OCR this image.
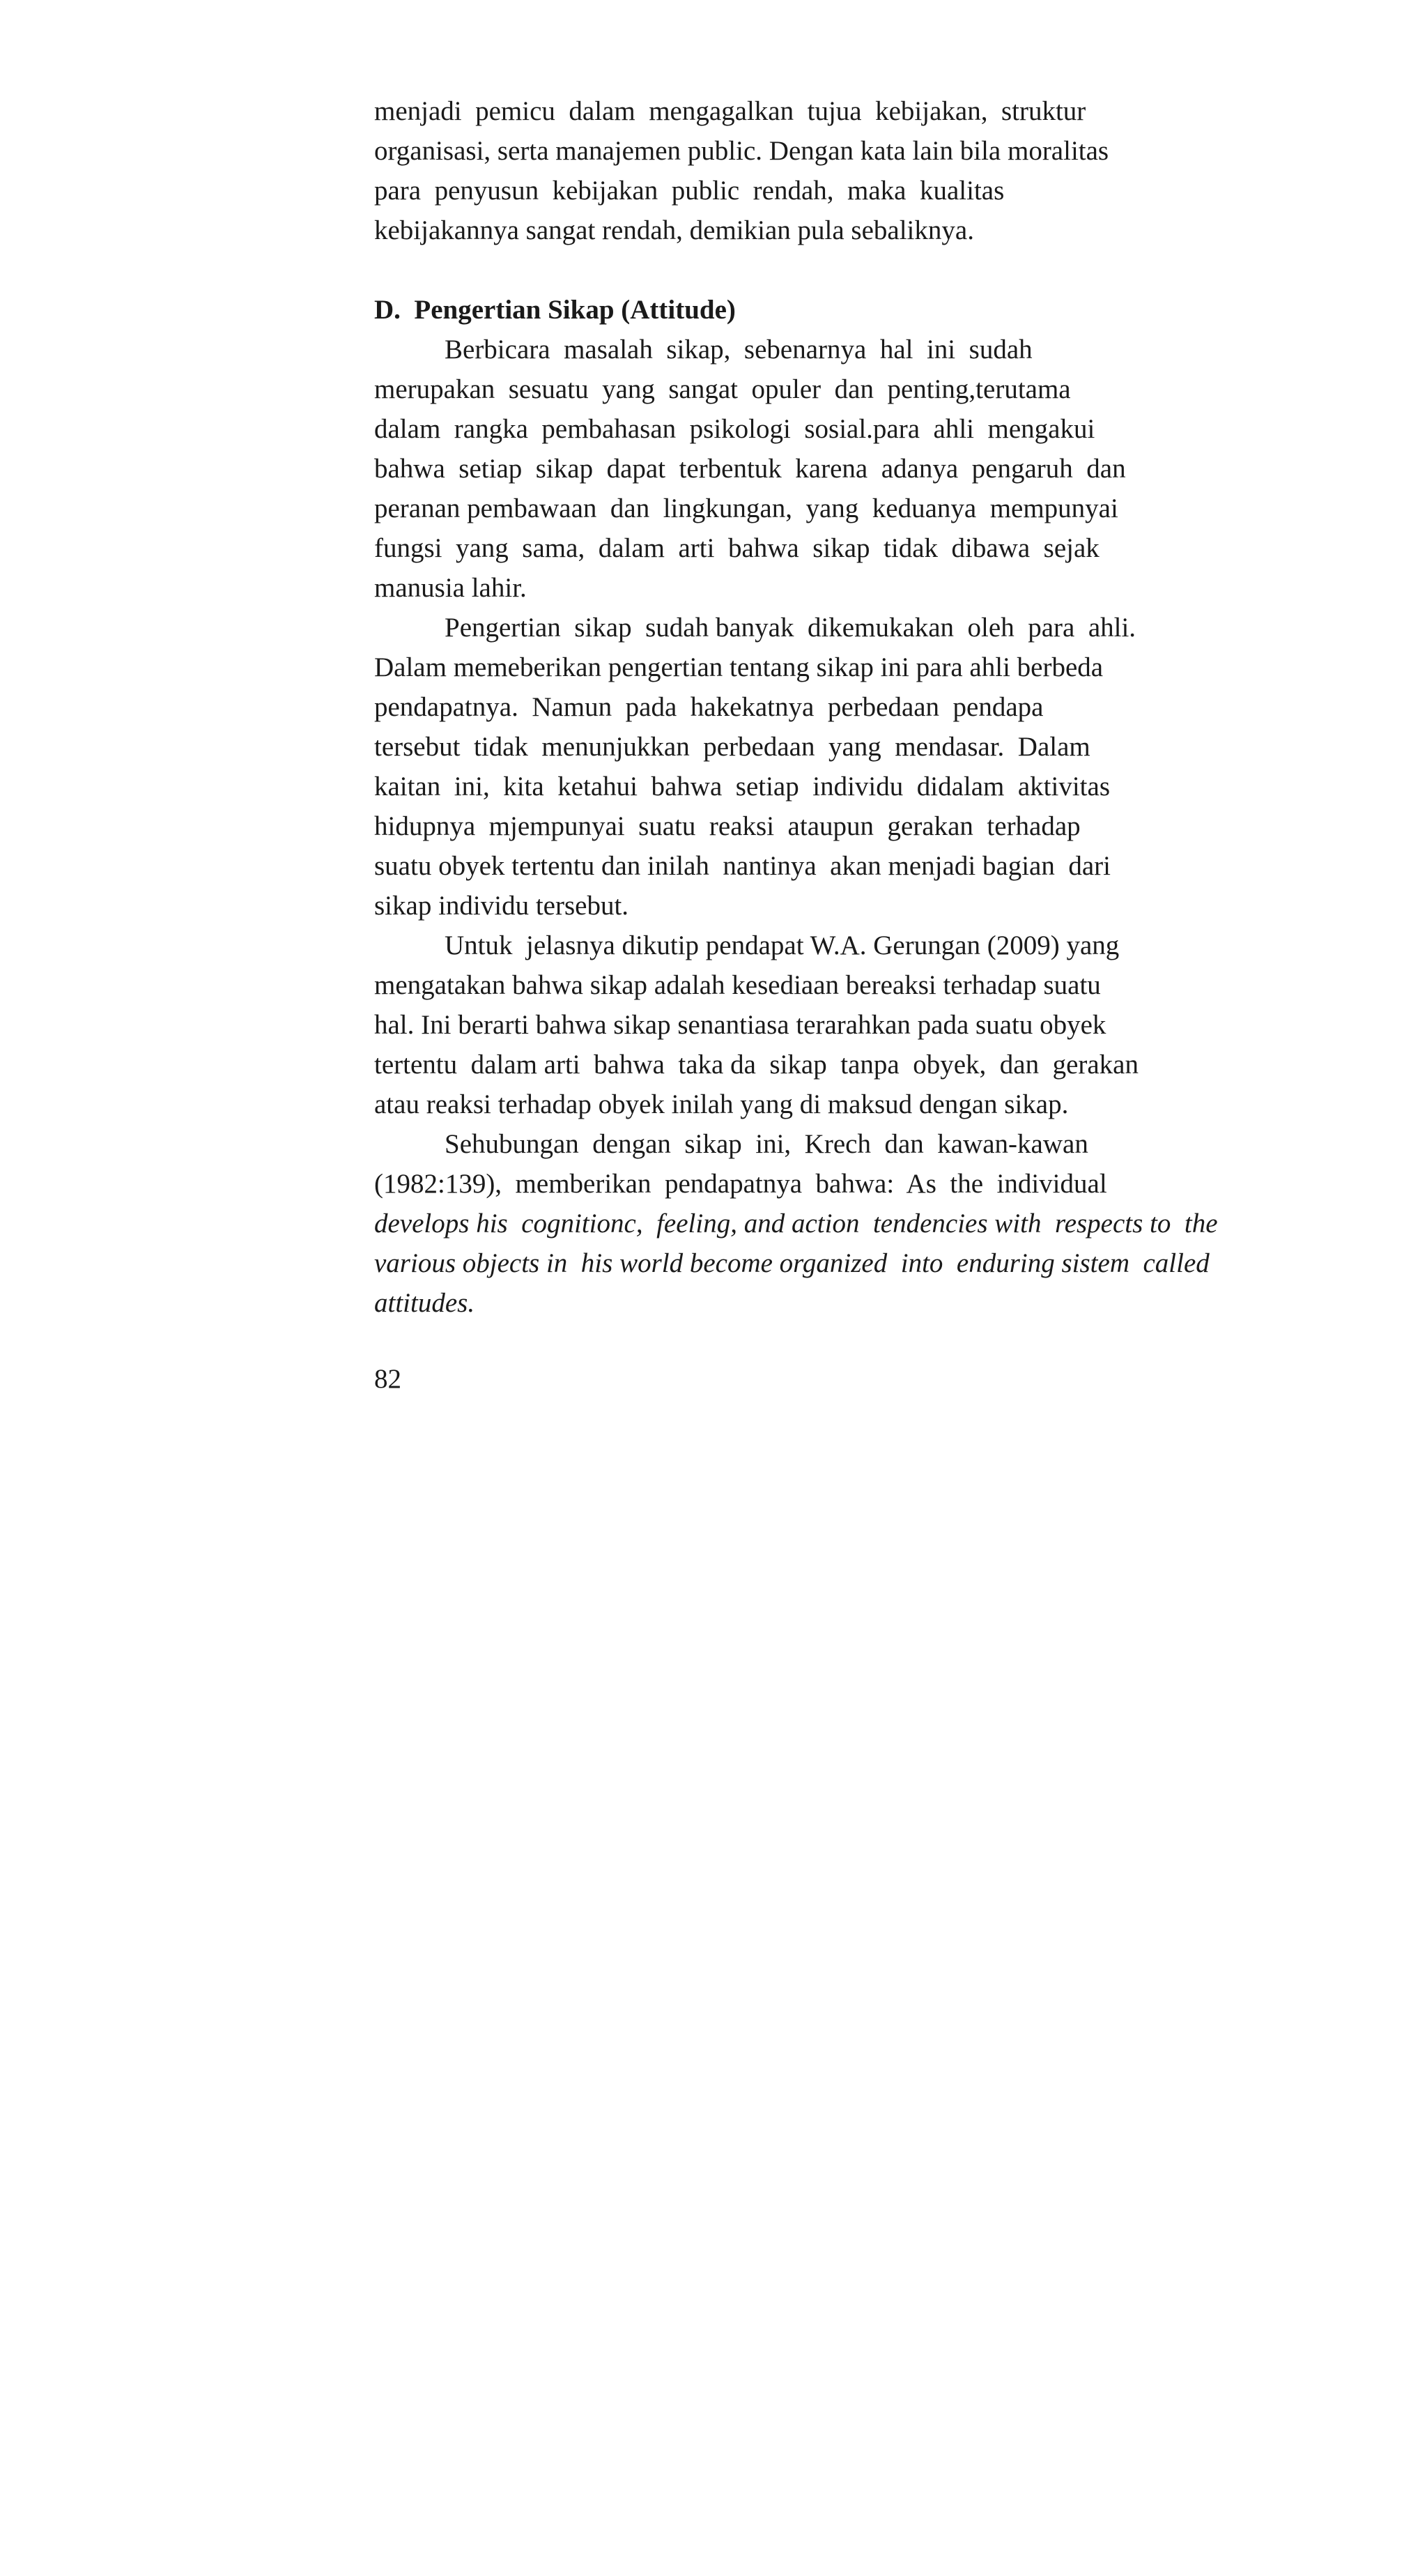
menjadi  pemicu  dalam  mengagalkan  tujua  kebijakan,  struktur

organisasi, serta manajemen public. Dengan kata lain bila moralitas

para  penyusun  kebijakan  public  rendah,  maka  kualitas

kebijakannya sangat rendah, demikian pula sebaliknya.

D.  Pengertian Sikap (Attitude)

Berbicara  masalah  sikap,  sebenarnya  hal  ini  sudah

merupakan  sesuatu  yang  sangat  opuler  dan  penting,terutama

dalam  rangka  pembahasan  psikologi  sosial.para  ahli  mengakui

bahwa  setiap  sikap  dapat  terbentuk  karena  adanya  pengaruh  dan

peranan pembawaan  dan  lingkungan,  yang  keduanya  mempunyai

fungsi  yang  sama,  dalam  arti  bahwa  sikap  tidak  dibawa  sejak

manusia lahir.

Pengertian  sikap  sudah banyak  dikemukakan  oleh  para  ahli.

Dalam memeberikan pengertian tentang sikap ini para ahli berbeda

pendapatnya.  Namun  pada  hakekatnya  perbedaan  pendapa

tersebut  tidak  menunjukkan  perbedaan  yang  mendasar.  Dalam

kaitan  ini,  kita  ketahui  bahwa  setiap  individu  didalam  aktivitas

hidupnya  mjempunyai  suatu  reaksi  ataupun  gerakan  terhadap

suatu obyek tertentu dan inilah  nantinya  akan menjadi bagian  dari

sikap individu tersebut.

Untuk  jelasnya dikutip pendapat W.A. Gerungan (2009) yang

mengatakan bahwa sikap adalah kesediaan bereaksi terhadap suatu

hal. Ini berarti bahwa sikap senantiasa terarahkan pada suatu obyek

tertentu  dalam arti  bahwa  taka da  sikap  tanpa  obyek,  dan  gerakan

atau reaksi terhadap obyek inilah yang di maksud dengan sikap.

Sehubungan  dengan  sikap  ini,  Krech  dan  kawan-kawan

(1982:139),  memberikan  pendapatnya  bahwa:  As  the  individual

develops his  cognitionc,  feeling, and action  tendencies with  respects to  the

various objects in  his world become organized  into  enduring sistem  called

attitudes.

82
